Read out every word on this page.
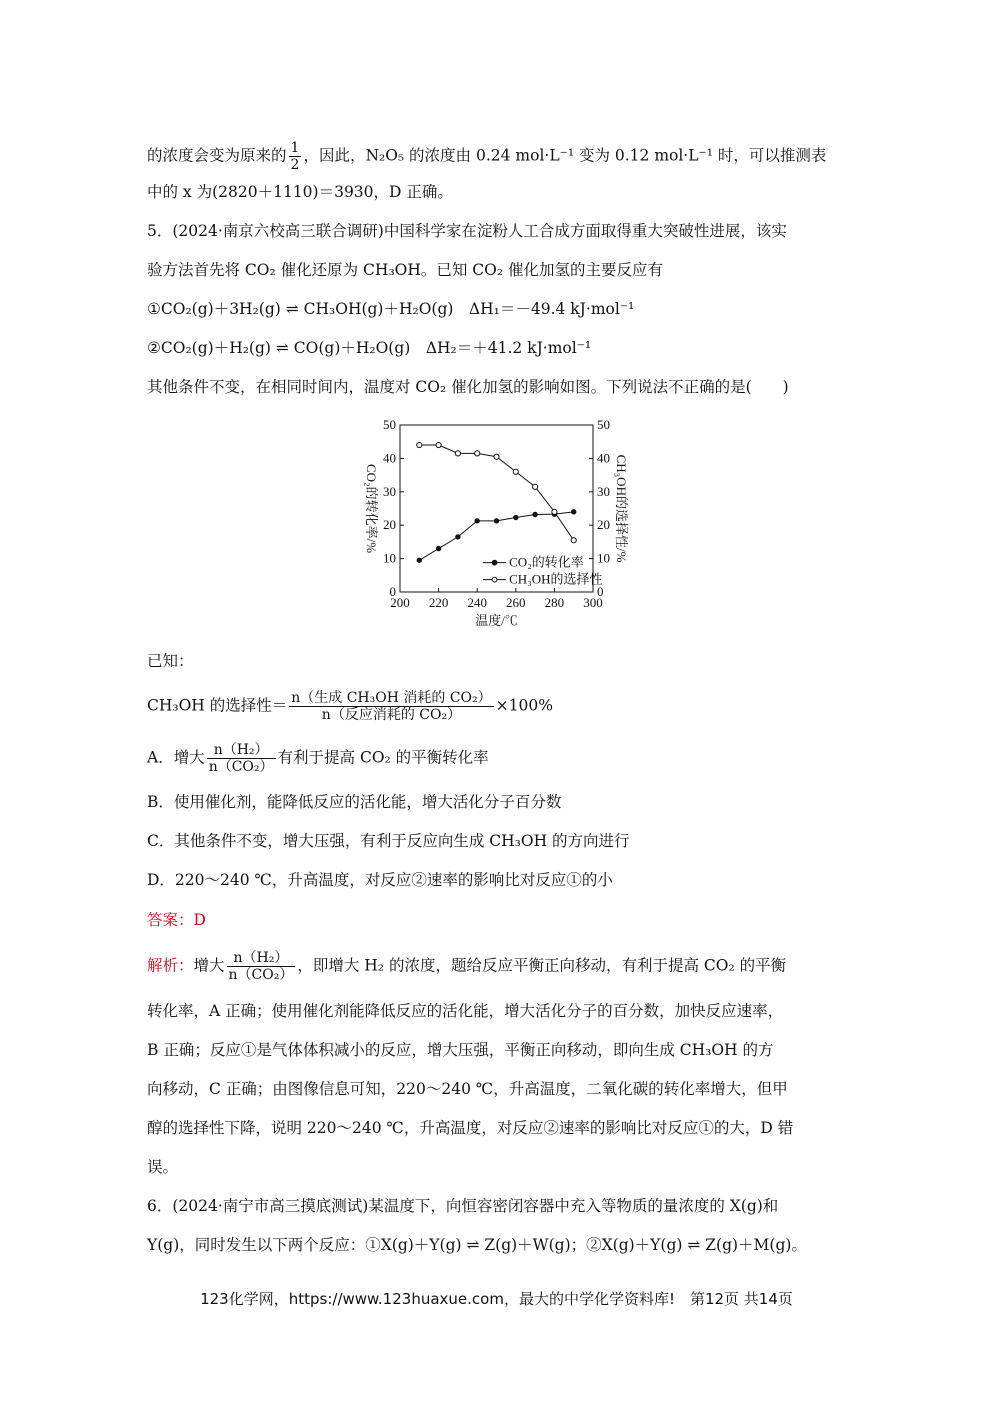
的浓度会变为原来的 $\frac{1}{2}$ ，因此，N₂O₅ 的浓度由 0.24 mol·L⁻¹ 变为 0.12 mol·L⁻¹ 时，可以推测表
中的 x 为(2820＋1110)＝3930，D 正确。
5．(2024·南京六校高三联合调研)中国科学家在淀粉人工合成方面取得重大突破性进展，该实
验方法首先将 CO₂ 催化还原为 CH₃OH。已知 CO₂ 催化加氢的主要反应有
①CO₂(g)＋3H₂(g) ⇌ CH₃OH(g)＋H₂O(g)　ΔH₁＝－49.4 kJ·mol⁻¹
②CO₂(g)＋H₂(g) ⇌ CO(g)＋H₂O(g)　ΔH₂＝＋41.2 kJ·mol⁻¹
其他条件不变，在相同时间内，温度对 CO₂ 催化加氢的影响如图。下列说法不正确的是(　　)
200 220 240 260 280 300
0	0
10	10
20	20
30	30
40	40
50	50
温度/℃
CO₂的转化率/%	CH₃OH的选择性/%
CO₂的转化率
CH₃OH的选择性
已知：
CH₃OH 的选择性＝ $\frac{\text{n（生成 CH₃OH 消耗的 CO₂）}}{\text{n（反应消耗的 CO₂）}} \times 100\%$
A．增大 $\frac{\text{n（H₂）}}{\text{n（CO₂）}}$ 有利于提高 CO₂ 的平衡转化率
B．使用催化剂，能降低反应的活化能，增大活化分子百分数
C．其他条件不变，增大压强，有利于反应向生成 CH₃OH 的方向进行
D．220～240 ℃，升高温度，对反应②速率的影响比对反应①的小
答案：D
解析：增大 $\frac{\text{n（H₂）}}{\text{n（CO₂）}}$ ，即增大 H₂ 的浓度，题给反应平衡正向移动，有利于提高 CO₂ 的平衡
转化率，A 正确；使用催化剂能降低反应的活化能，增大活化分子的百分数，加快反应速率，
B 正确；反应①是气体体积减小的反应，增大压强，平衡正向移动，即向生成 CH₃OH 的方
向移动，C 正确；由图像信息可知，220～240 ℃，升高温度，二氧化碳的转化率增大，但甲
醇的选择性下降，说明 220～240 ℃，升高温度，对反应②速率的影响比对反应①的大，D 错
误。
6．(2024·南宁市高三摸底测试)某温度下，向恒容密闭容器中充入等物质的量浓度的 X(g)和
Y(g)，同时发生以下两个反应：①X(g)＋Y(g) ⇌ Z(g)＋W(g)；②X(g)＋Y(g) ⇌ Z(g)＋M(g)。
123化学网，https://www.123huaxue.com，最大的中学化学资料库!　第12页 共14页
